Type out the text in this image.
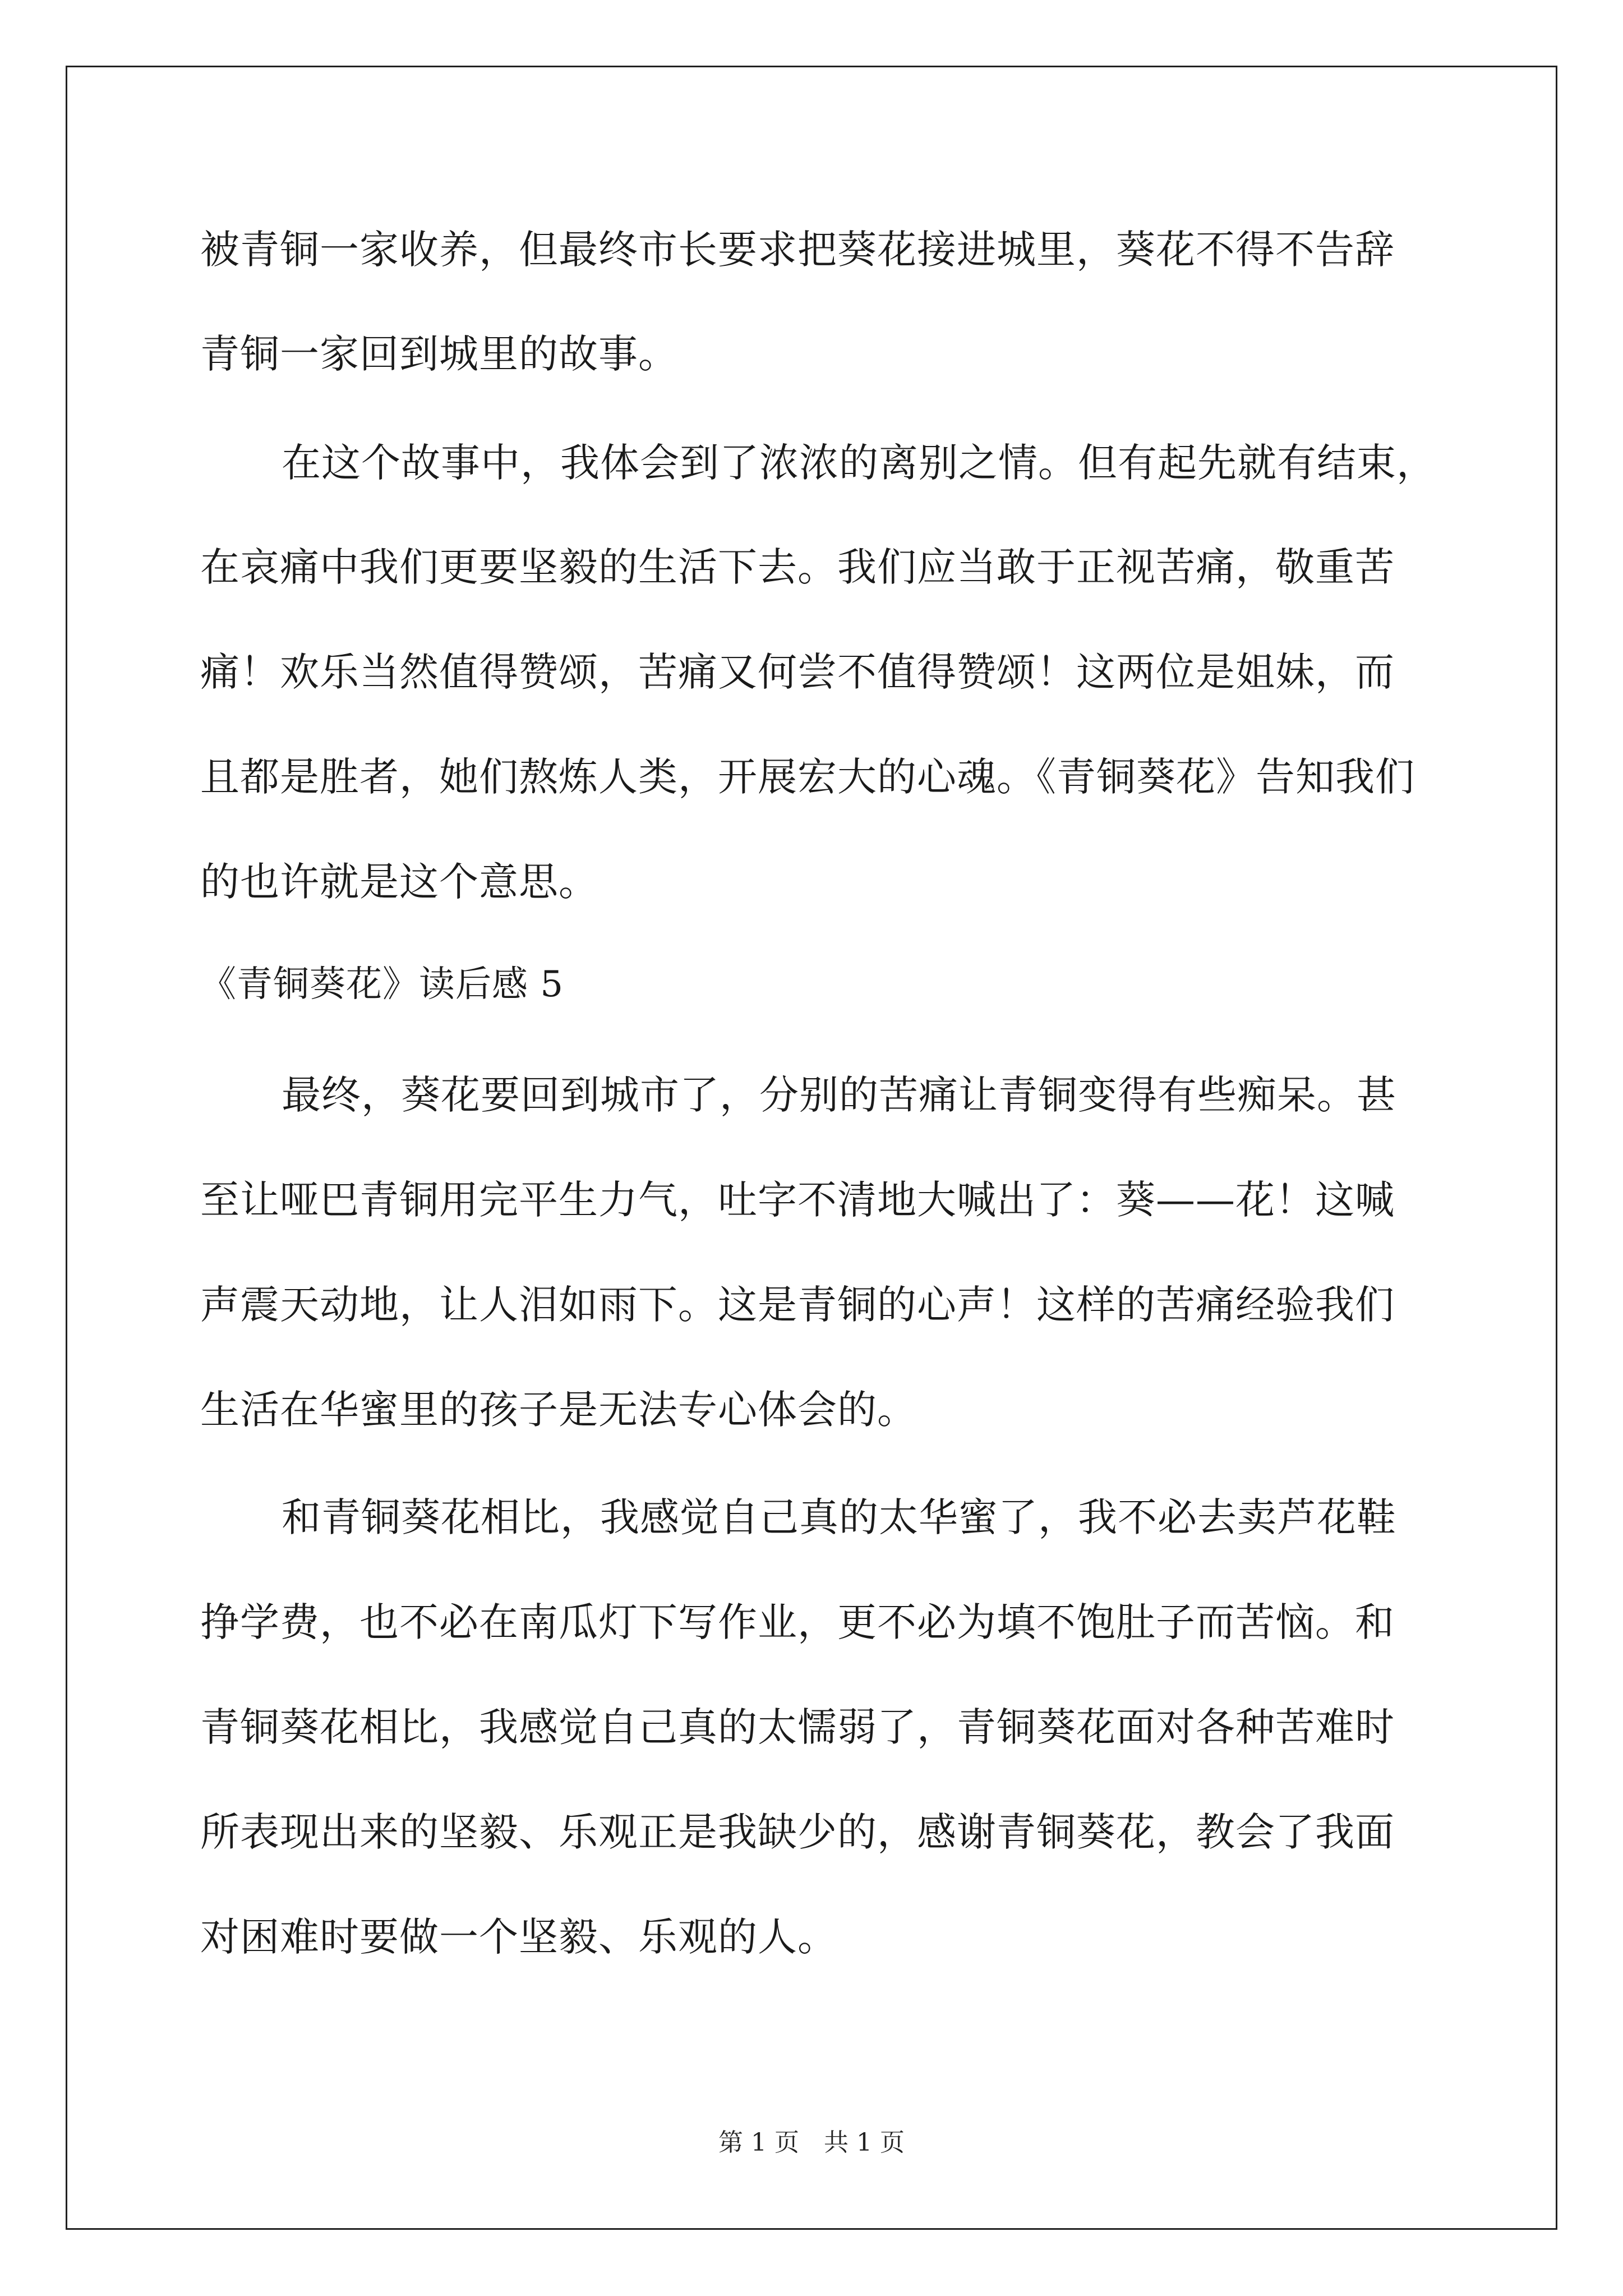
被青铜一家收养，但最终市长要求把葵花接进城里，葵花不得不告辞
青铜一家回到城里的故事。
在这个故事中，我体会到了浓浓的离别之情。但有起先就有结束，
在哀痛中我们更要坚毅的生活下去。我们应当敢于正视苦痛，敬重苦
痛！欢乐当然值得赞颂，苦痛又何尝不值得赞颂！这两位是姐妹，而
且都是胜者，她们熬炼人类，开展宏大的心魂。《青铜葵花》告知我们
的也许就是这个意思。
《青铜葵花》读后感 5
最终，葵花要回到城市了，分别的苦痛让青铜变得有些痴呆。甚
至让哑巴青铜用完平生力气，吐字不清地大喊出了：葵——花！这喊
声震天动地，让人泪如雨下。这是青铜的心声！这样的苦痛经验我们
生活在华蜜里的孩子是无法专心体会的。
和青铜葵花相比，我感觉自己真的太华蜜了，我不必去卖芦花鞋
挣学费，也不必在南瓜灯下写作业，更不必为填不饱肚子而苦恼。和
青铜葵花相比，我感觉自己真的太懦弱了，青铜葵花面对各种苦难时
所表现出来的坚毅、乐观正是我缺少的，感谢青铜葵花，教会了我面
对困难时要做一个坚毅、乐观的人。
第 1 页　共 1 页
